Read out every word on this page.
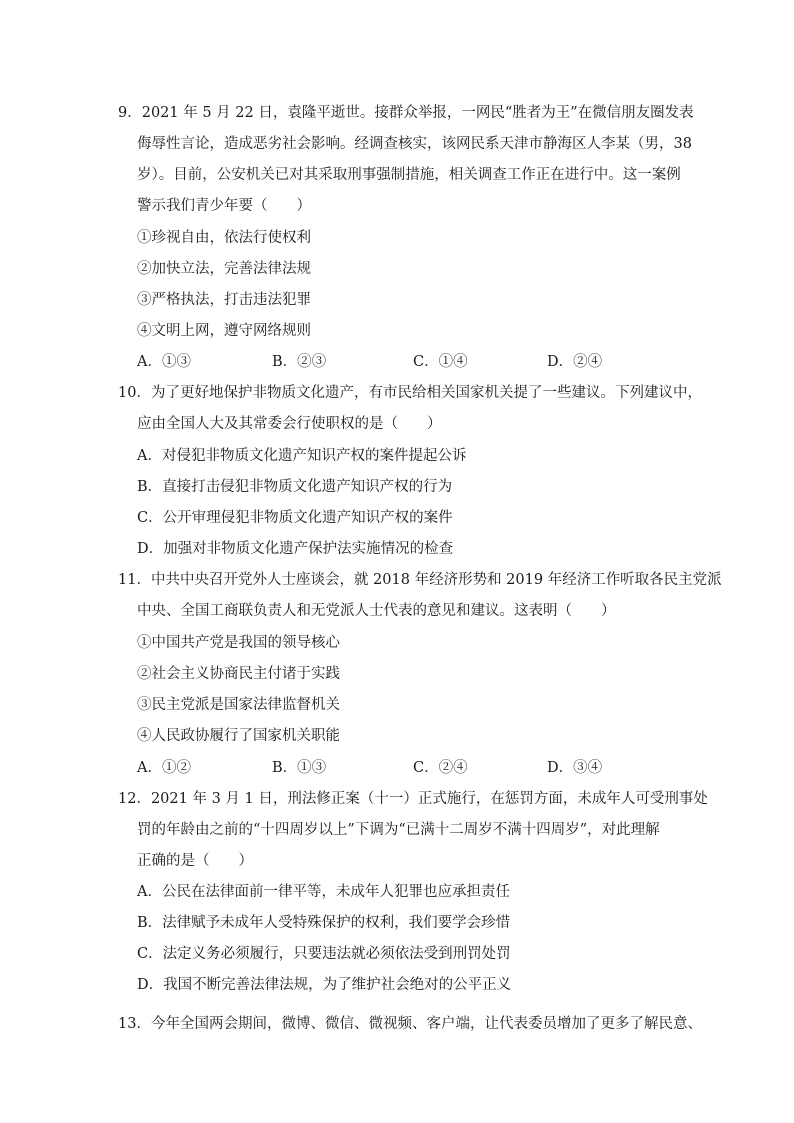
9．2021 年 5 月 22 日，袁隆平逝世。接群众举报，一网民“胜者为王”在微信朋友圈发表
侮辱性言论，造成恶劣社会影响。经调查核实，该网民系天津市静海区人李某（男，38
岁）。目前，公安机关已对其采取刑事强制措施，相关调查工作正在进行中。这一案例
警示我们青少年要（　　）
①珍视自由，依法行使权利
②加快立法，完善法律法规
③严格执法，打击违法犯罪
④文明上网，遵守网络规则
A．①③	B．②③	C．①④	D．②④
10．为了更好地保护非物质文化遗产，有市民给相关国家机关提了一些建议。下列建议中，
应由全国人大及其常委会行使职权的是（　　）
A．对侵犯非物质文化遗产知识产权的案件提起公诉
B．直接打击侵犯非物质文化遗产知识产权的行为
C．公开审理侵犯非物质文化遗产知识产权的案件
D．加强对非物质文化遗产保护法实施情况的检查
11．中共中央召开党外人士座谈会，就 2018 年经济形势和 2019 年经济工作听取各民主党派
中央、全国工商联负责人和无党派人士代表的意见和建议。这表明（　　）
①中国共产党是我国的领导核心
②社会主义协商民主付诸于实践
③民主党派是国家法律监督机关
④人民政协履行了国家机关职能
A．①②	B．①③	C．②④	D．③④
12．2021 年 3 月 1 日，刑法修正案（十一）正式施行，在惩罚方面，未成年人可受刑事处
罚的年龄由之前的“十四周岁以上”下调为“已满十二周岁不满十四周岁”，对此理解
正确的是（　　）
A．公民在法律面前一律平等，未成年人犯罪也应承担责任
B．法律赋予未成年人受特殊保护的权利，我们要学会珍惜
C．法定义务必须履行，只要违法就必须依法受到刑罚处罚
D．我国不断完善法律法规，为了维护社会绝对的公平正义
13．今年全国两会期间，微博、微信、微视频、客户端，让代表委员增加了更多了解民意、
